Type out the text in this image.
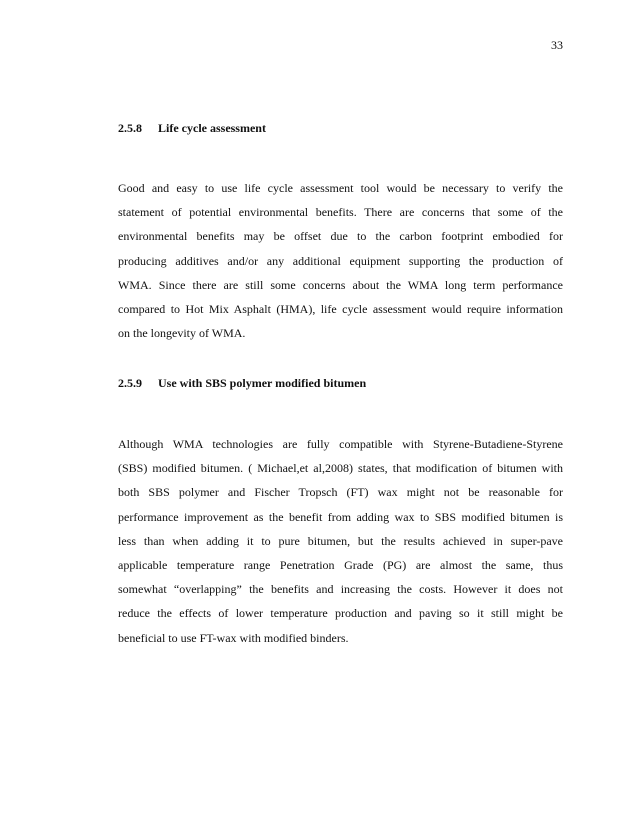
33
2.5.8 Life cycle assessment
Good and easy to use life cycle assessment tool would be necessary to verify the
statement of potential environmental benefits. There are concerns that some of the
environmental benefits may be offset due to the carbon footprint embodied for
producing additives and/or any additional equipment supporting the production of
WMA. Since there are still some concerns about the WMA long term performance
compared to Hot Mix Asphalt (HMA), life cycle assessment would require information
on the longevity of WMA.
2.5.9 Use with SBS polymer modified bitumen
Although WMA technologies are fully compatible with Styrene-Butadiene-Styrene
(SBS) modified bitumen. ( Michael,et al,2008) states, that modification of bitumen with
both SBS polymer and Fischer Tropsch (FT) wax might not be reasonable for
performance improvement as the benefit from adding wax to SBS modified bitumen is
less than when adding it to pure bitumen, but the results achieved in super-pave
applicable temperature range Penetration Grade (PG) are almost the same, thus
somewhat “overlapping” the benefits and increasing the costs. However it does not
reduce the effects of lower temperature production and paving so it still might be
beneficial to use FT-wax with modified binders.
